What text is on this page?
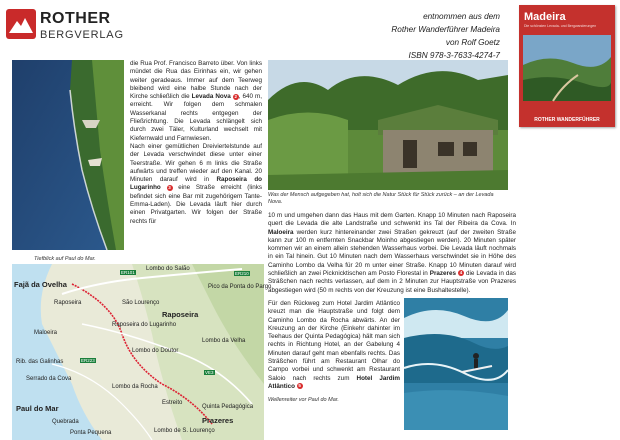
ROTHER
BERGVERLAG
entnommen aus dem
Rother Wanderführer Madeira
von Rolf Goetz
ISBN 978-3-7633-4274-7
Madeira
Die schönsten Levada- und Bergwanderungen
ROTHER WANDERFÜHRER
Tiefblick auf Paul do Mar.
die Rua Prof. Francisco Barreto über. Von links mündet die Rua das Eirinhas ein, wir gehen weiter geradeaus. Immer auf dem Teerweg bleibend wird eine halbe Stunde nach der Kirche schließlich die Levada Nova 2 , 640 m, erreicht. Wir folgen dem schmalen Wasserkanal rechts entgegen der Fließrichtung. Die Levada schlängelt sich durch zwei Täler, Kulturland wechselt mit Kiefernwald und Farnwiesen.
Nach einer gemütlichen Dreiviertelstunde auf der Levada verschwindet diese unter einer Teerstraße. Wir gehen 6 m links die Straße aufwärts und treffen wieder auf den Kanal. 20 Minuten darauf wird in Raposeira do Lugarinho 3 eine Straße erreicht (links befindet sich eine Bar mit zugehörigem Tante-Emma-Laden). Die Levada läuft hier durch einen Privatgarten. Wir folgen der Straße rechts für
Was der Mensch aufgegeben hat, holt sich die Natur Stück für Stück zurück – an der Levada Nova.
ER101	ER210
ER223
VE3
Lombo do Salão
Fajã da Ovelha
Raposeira	São Lourenço
Raposeira do Lugarinho
Maloeira
Lombo do Doutor
Raposeira
Lombo da Velha
Serrado da Cova
Rib. das Galinhas
Paul do Mar
Quebrada	Prazeres
Estreito
Quinta Pedagógica
Lombo de S. Lourenço
Ponta Pequena
Lombo da Rocha
Pico da Ponta do Pargo
10 m und umgehen dann das Haus mit dem Garten. Knapp 10 Minuten nach Raposeira quert die Levada die alte Landstraße und schwenkt ins Tal der Ribeira da Cova. In Maloeira werden kurz hintereinander zwei Straßen gekreuzt (auf der zweiten Straße kann zur 100 m entfernten Snackbar Moinho abgestiegen werden). 20 Minuten später kommen wir an einem allein stehenden Wasserhaus vorbei. Die Levada läuft nochmals in ein Tal hinein. Gut 10 Minuten nach dem Wasserhaus verschwindet sie in Höhe des Caminho Lombo da Velha für 20 m unter einer Straße. Knapp 10 Minuten darauf wird schließlich an zwei Picknicktischen am Posto Florestal in Prazeres 4 die Levada in das Sträßchen nach rechts verlassen, auf dem in 2 Minuten zur Hauptstraße von Prazeres abgestiegen wird (50 m rechts von der Kreuzung ist eine Bushaltestelle).
Für den Rückweg zum Hotel Jardim Atlântico kreuzt man die Hauptstraße und folgt dem Caminho Lombo da Rocha abwärts. An der Kreuzung an der Kirche (Einkehr dahinter im Teehaus der Quinta Pedagógica) hält man sich rechts in Richtung Hotel, an der Gabelung 4 Minuten darauf geht man ebenfalls rechts. Das Sträßchen führt am Restaurant Olhar do Campo vorbei und schwenkt am Restaurant Saloio nach rechts zum Hotel Jardim Atlântico 5
Wellenreiter vor Paul do Mar.
